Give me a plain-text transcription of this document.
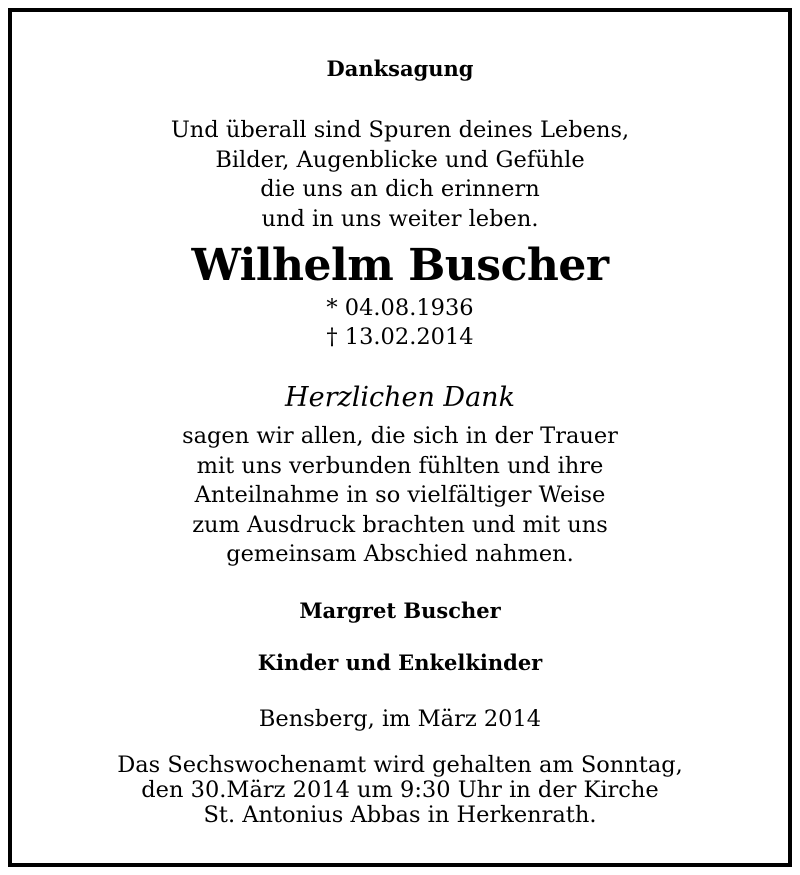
Danksagung
Und überall sind Spuren deines Lebens,
Bilder, Augenblicke und Gefühle
die uns an dich erinnern
und in uns weiter leben.
Wilhelm Buscher
* 04.08.1936
† 13.02.2014
Herzlichen Dank
sagen wir allen, die sich in der Trauer
mit uns verbunden fühlten und ihre
Anteilnahme in so vielfältiger Weise
zum Ausdruck brachten und mit uns
gemeinsam Abschied nahmen.
Margret Buscher
Kinder und Enkelkinder
Bensberg, im März 2014
Das Sechswochenamt wird gehalten am Sonntag,
den 30.März 2014 um 9:30 Uhr in der Kirche
St. Antonius Abbas in Herkenrath.
